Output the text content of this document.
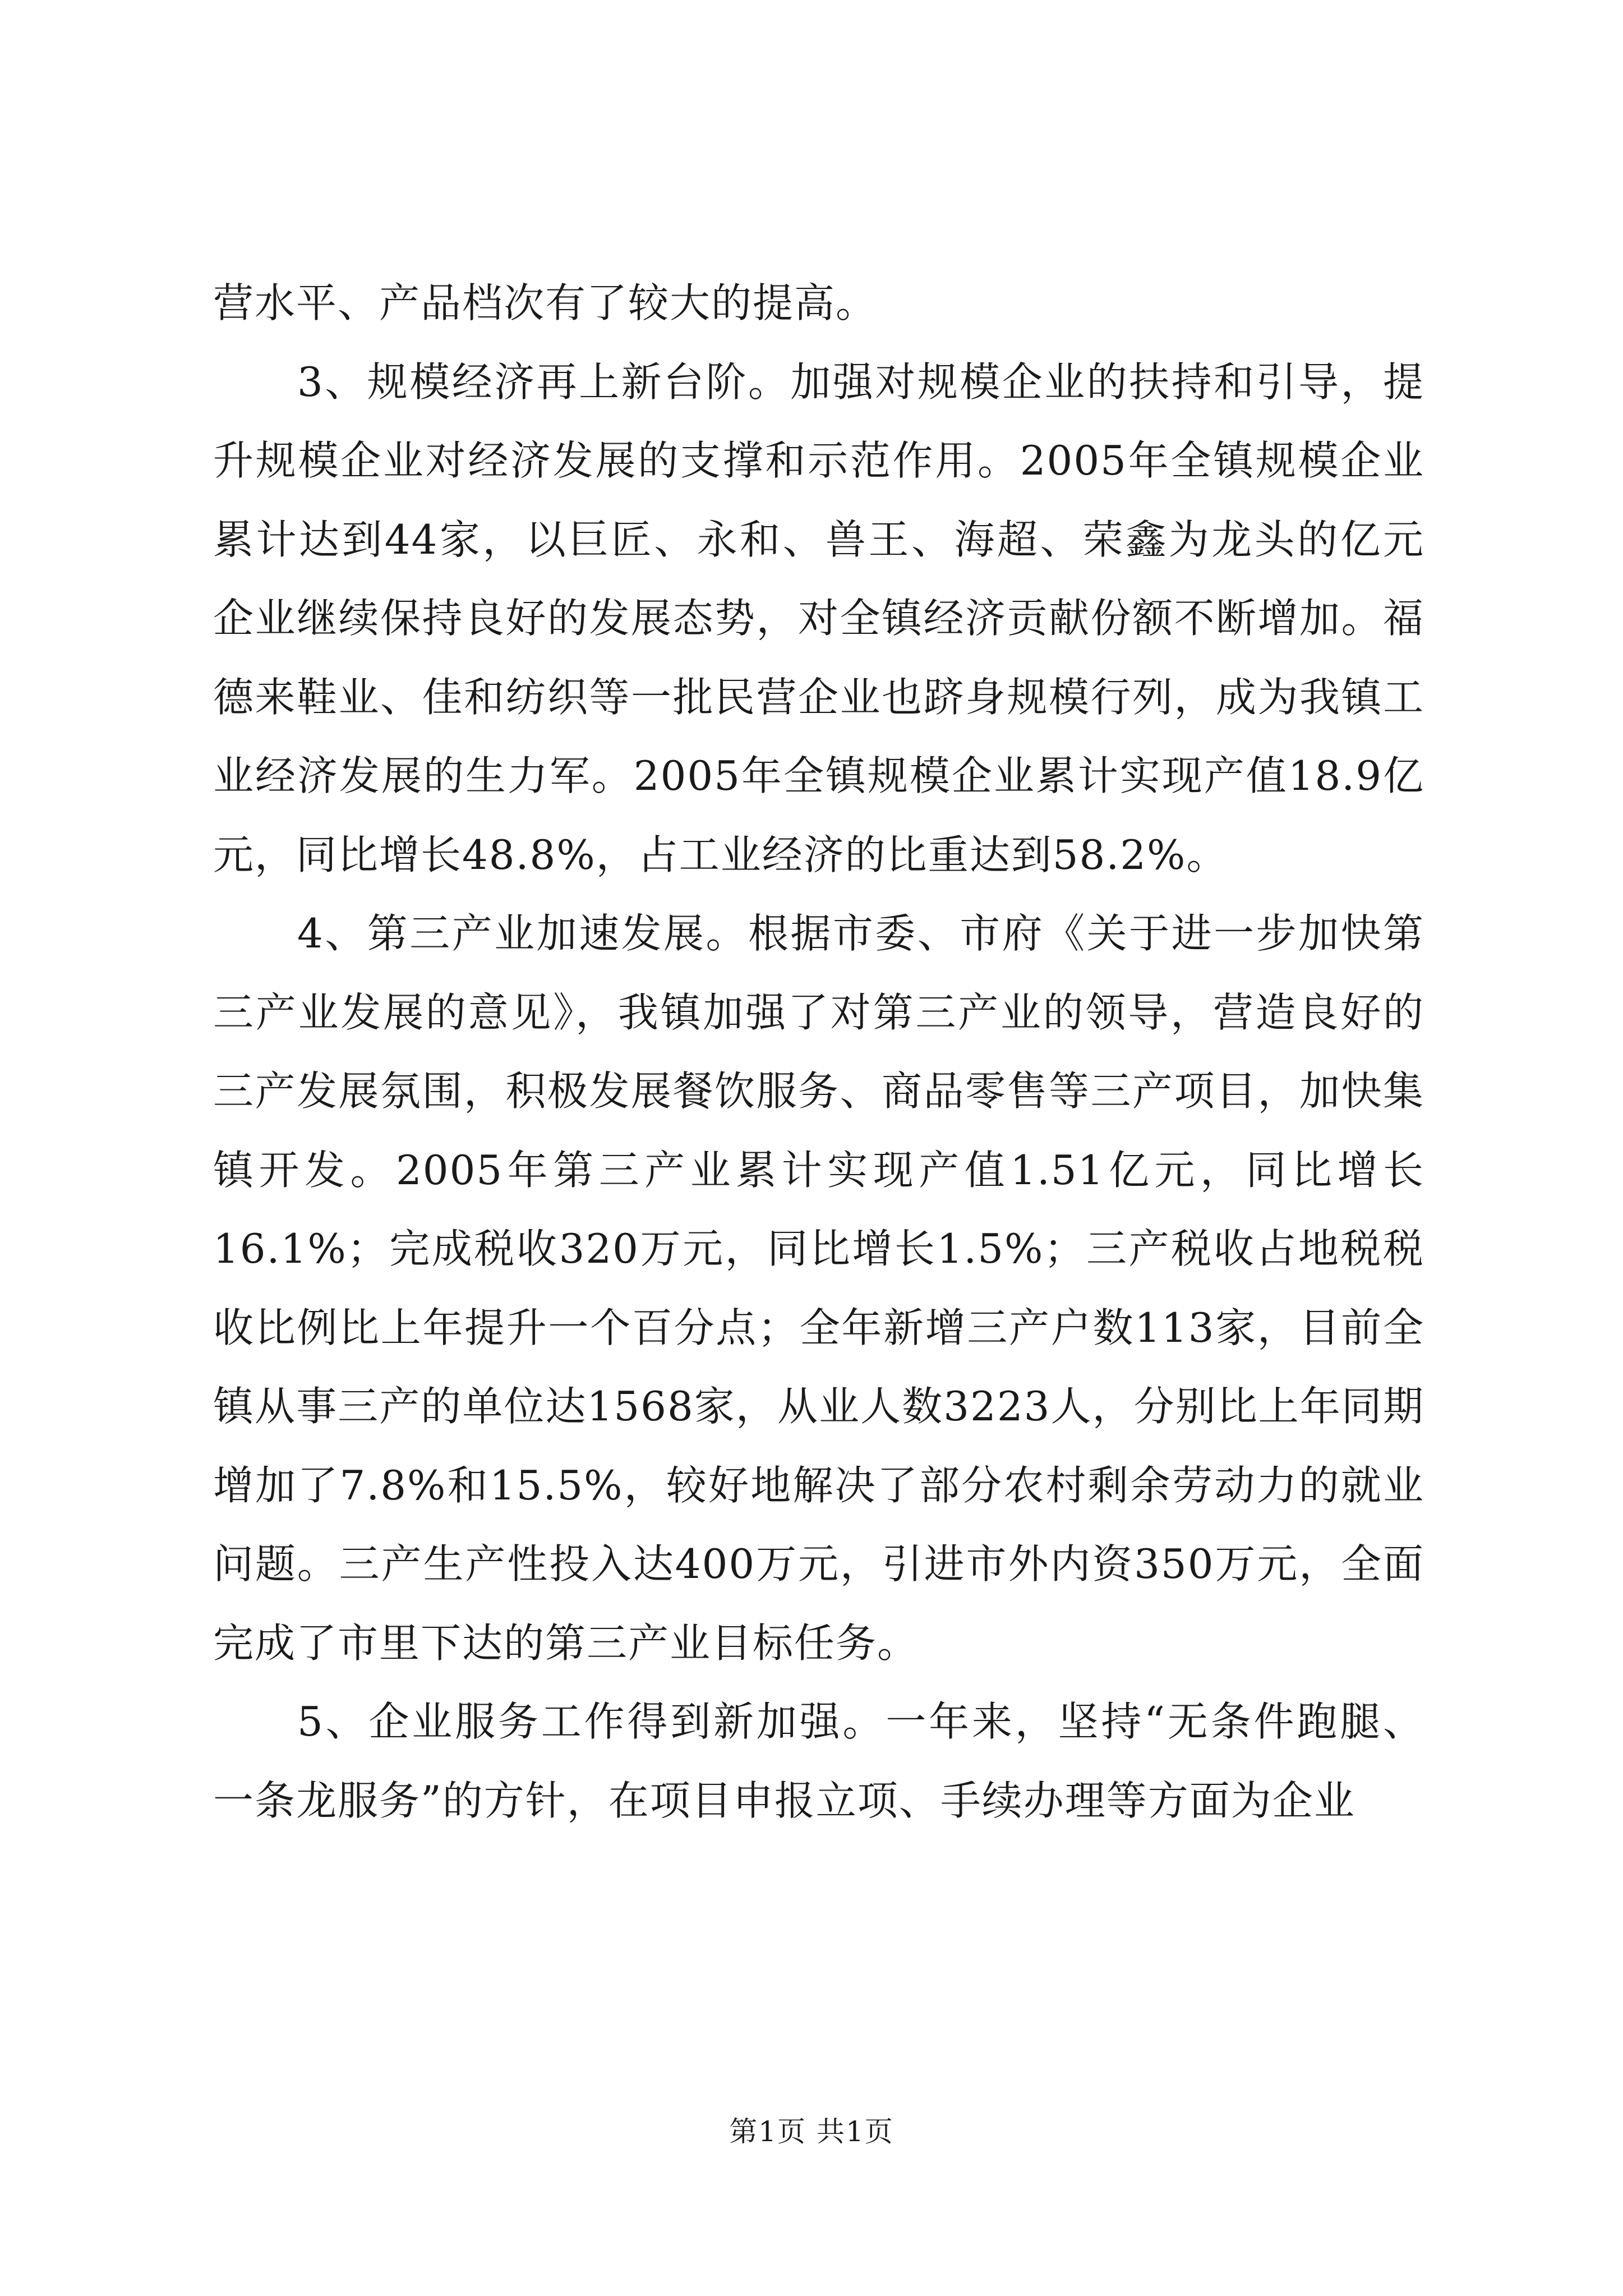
营水平、产品档次有了较大的提高。

3、规模经济再上新台阶。加强对规模企业的扶持和引导，提升规模企业对经济发展的支撑和示范作用。2005年全镇规模企业累计达到44家，以巨匠、永和、兽王、海超、荣鑫为龙头的亿元企业继续保持良好的发展态势，对全镇经济贡献份额不断增加。福德来鞋业、佳和纺织等一批民营企业也跻身规模行列，成为我镇工业经济发展的生力军。2005年全镇规模企业累计实现产值18.9亿元，同比增长48.8%，占工业经济的比重达到58.2%。

4、第三产业加速发展。根据市委、市府《关于进一步加快第三产业发展的意见》，我镇加强了对第三产业的领导，营造良好的三产发展氛围，积极发展餐饮服务、商品零售等三产项目，加快集镇开发。2005年第三产业累计实现产值1.51亿元，同比增长16.1%；完成税收320万元，同比增长1.5%；三产税收占地税税收比例比上年提升一个百分点；全年新增三产户数113家，目前全镇从事三产的单位达1568家，从业人数3223人，分别比上年同期增加了7.8%和15.5%，较好地解决了部分农村剩余劳动力的就业问题。三产生产性投入达400万元，引进市外内资350万元，全面完成了市里下达的第三产业目标任务。

5、企业服务工作得到新加强。一年来，坚持“无条件跑腿、一条龙服务”的方针，在项目申报立项、手续办理等方面为企业

第1页 共1页
